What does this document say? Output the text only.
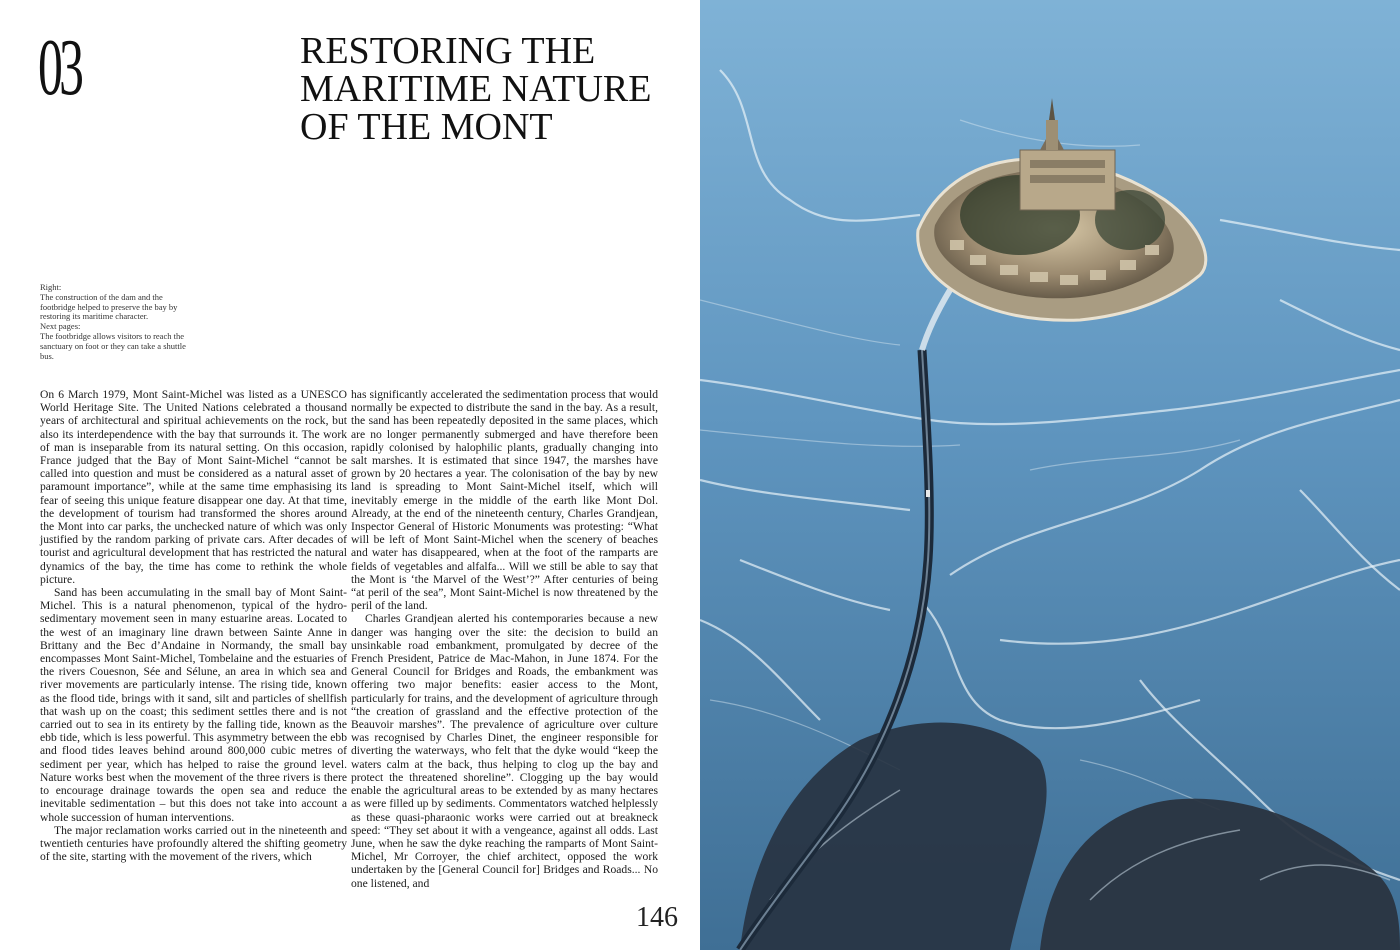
03	RESTORING THE
MARITIME NATURE
OF THE MONT
Right:
The construction of the dam and the footbridge helped to preserve the bay by restoring its maritime character.
Next pages:
The footbridge allows visitors to reach the sanctuary on foot or they can take a shuttle bus.

On 6 March 1979, Mont Saint-Michel was listed as a UNESCO World Heritage Site. The United Nations celebrated a thousand years of architectural and spiritual achievements on the rock, but also its interdependence with the bay that surrounds it. The work of man is inseparable from its natural setting. On this occasion, France judged that the Bay of Mont Saint-Michel “cannot be called into question and must be considered as a natural asset of paramount importance”, while at the same time emphasising its fear of seeing this unique feature disappear one day. At that time, the development of tourism had transformed the shores around the Mont into car parks, the unchecked nature of which was only justified by the random parking of private cars. After decades of tourist and agricultural development that has restricted the natural dynamics of the bay, the time has come to rethink the whole picture.

Sand has been accumulating in the small bay of Mont Saint-Michel. This is a natural phenomenon, typical of the hydro-sedimentary movement seen in many estuarine areas. Located to the west of an imaginary line drawn between Sainte Anne in Brittany and the Bec d’Andaine in Normandy, the small bay encompasses Mont Saint-Michel, Tombelaine and the estuaries of the rivers Couesnon, Sée and Sélune, an area in which sea and river movements are particularly intense. The rising tide, known as the flood tide, brings with it sand, silt and particles of shellfish that wash up on the coast; this sediment settles there and is not carried out to sea in its entirety by the falling tide, known as the ebb tide, which is less powerful. This asymmetry between the ebb and flood tides leaves behind around 800,000 cubic metres of sediment per year, which has helped to raise the ground level. Nature works best when the movement of the three rivers is there to encourage drainage towards the open sea and reduce the inevitable sedimentation – but this does not take into account a whole succession of human interventions.

The major reclamation works carried out in the nineteenth and twentieth centuries have profoundly altered the shifting geometry of the site, starting with the movement of the rivers, which

has significantly accelerated the sedimentation process that would normally be expected to distribute the sand in the bay. As a result, the sand has been repeatedly deposited in the same places, which are no longer permanently submerged and have therefore been rapidly colonised by halophilic plants, gradually changing into salt marshes. It is estimated that since 1947, the marshes have grown by 20 hectares a year. The colonisation of the bay by new land is spreading to Mont Saint-Michel itself, which will inevitably emerge in the middle of the earth like Mont Dol. Already, at the end of the nineteenth century, Charles Grandjean, Inspector General of Historic Monuments was protesting: “What will be left of Mont Saint-Michel when the scenery of beaches and water has disappeared, when at the foot of the ramparts are fields of vegetables and alfalfa... Will we still be able to say that the Mont is ‘the Marvel of the West’?” After centuries of being “at peril of the sea”, Mont Saint-Michel is now threatened by the peril of the land.

Charles Grandjean alerted his contemporaries because a new danger was hanging over the site: the decision to build an unsinkable road embankment, promulgated by decree of the French President, Patrice de Mac-Mahon, in June 1874. For the General Council for Bridges and Roads, the embankment was offering two major benefits: easier access to the Mont, particularly for trains, and the development of agriculture through “the creation of grassland and the effective protection of the Beauvoir marshes”. The prevalence of agriculture over culture was recognised by Charles Dinet, the engineer responsible for diverting the waterways, who felt that the dyke would “keep the waters calm at the back, thus helping to clog up the bay and protect the threatened shoreline”. Clogging up the bay would enable the agricultural areas to be extended by as many hectares as were filled up by sediments. Commentators watched helplessly as these quasi-pharaonic works were carried out at breakneck speed: “They set about it with a vengeance, against all odds. Last June, when he saw the dyke reaching the ramparts of Mont Saint-Michel, Mr Corroyer, the chief architect, opposed the work undertaken by the [General Council for] Bridges and Roads... No one listened, and

146
